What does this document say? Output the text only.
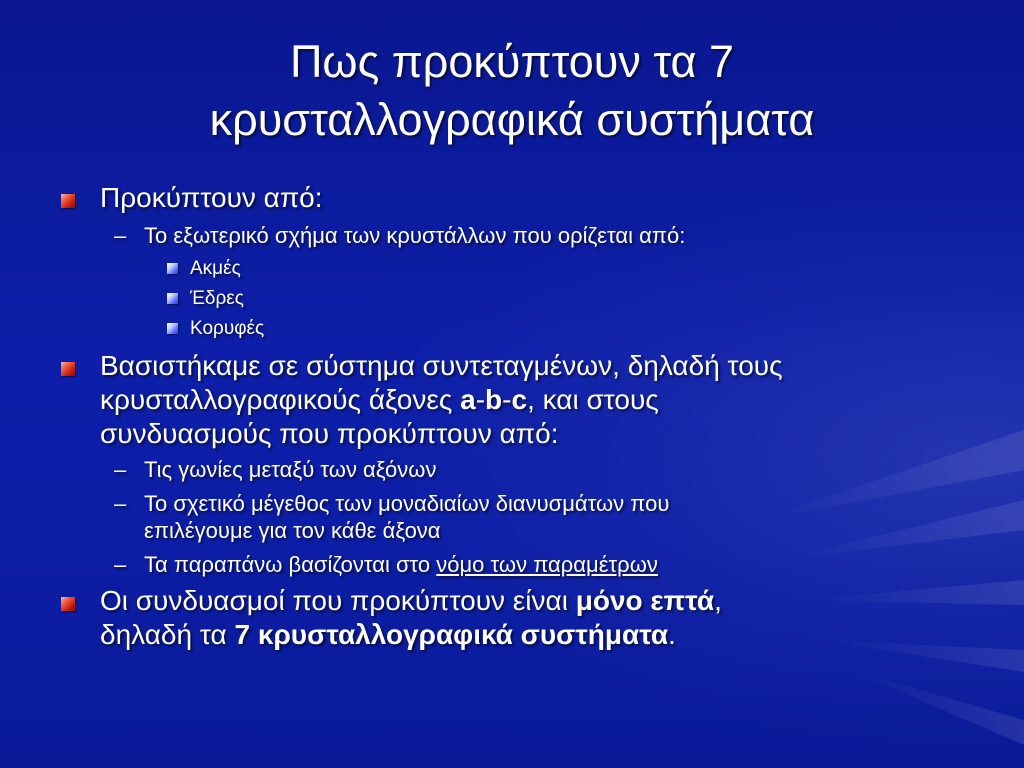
Πως προκύπτουν τα 7
κρυσταλλογραφικά συστήματα
Προκύπτουν από:
– Το εξωτερικό σχήμα των κρυστάλλων που ορίζεται από:
Ακμές
Έδρες
Κορυφές
Βασιστήκαμε σε σύστημα συντεταγμένων, δηλαδή τους
κρυσταλλογραφικούς άξονες a-b-c, και στους
συνδυασμούς που προκύπτουν από:
– Τις γωνίες μεταξύ των αξόνων
– Το σχετικό μέγεθος των μοναδιαίων διανυσμάτων που
επιλέγουμε για τον κάθε άξονα
– Τα παραπάνω βασίζονται στο νόμο των παραμέτρων
Οι συνδυασμοί που προκύπτουν είναι μόνο επτά,
δηλαδή τα 7 κρυσταλλογραφικά συστήματα.
